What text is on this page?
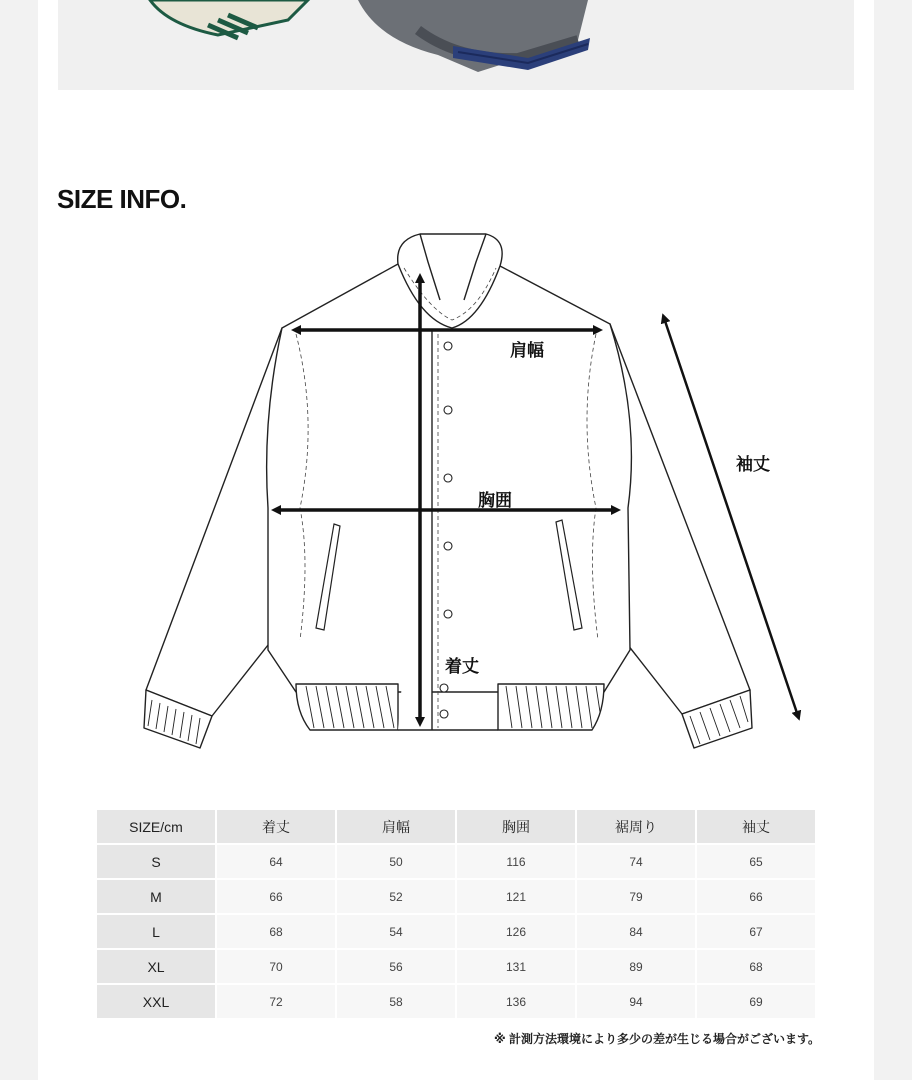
SIZE INFO.
肩幅
胸囲
着丈
袖丈
SIZE/cm	着丈	肩幅	胸囲	裾周り	袖丈
S	64	50	116	74	65
M	66	52	121	79	66
L	68	54	126	84	67
XL	70	56	131	89	68
XXL	72	58	136	94	69
※ 計測方法環境により多少の差が生じる場合がございます。
